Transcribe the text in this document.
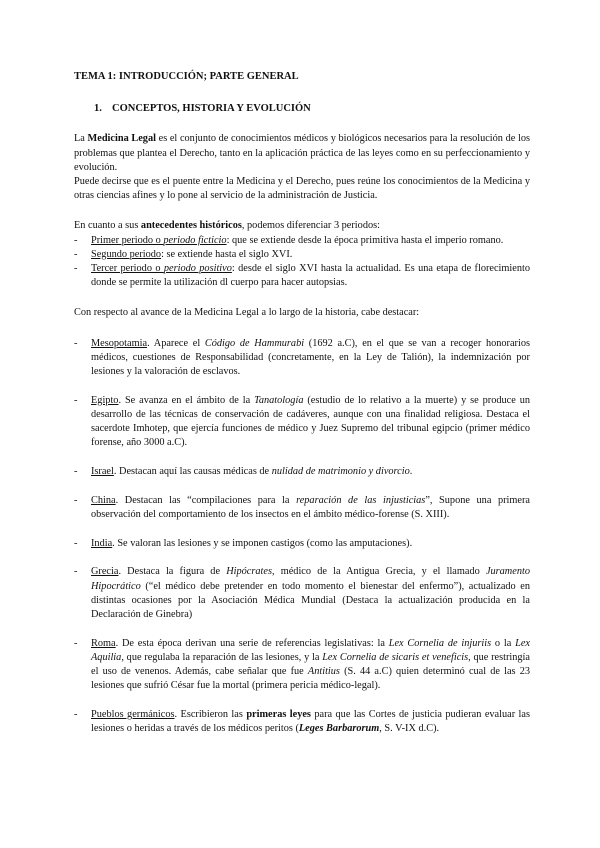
TEMA 1: INTRODUCCIÓN; PARTE GENERAL
1. CONCEPTOS, HISTORIA Y EVOLUCIÓN

La Medicina Legal es el conjunto de conocimientos médicos y biológicos necesarios para la resolución de los problemas que plantea el Derecho, tanto en la aplicación práctica de las leyes como en su perfeccionamiento y evolución.

Puede decirse que es el puente entre la Medicina y el Derecho, pues reúne los conocimientos de la Medicina y otras ciencias afines y lo pone al servicio de la administración de Justicia.

En cuanto a sus antecedentes históricos, podemos diferenciar 3 periodos:

- Primer periodo o periodo ficticio: que se extiende desde la época primitiva hasta el imperio romano.
- Segundo periodo: se extiende hasta el siglo XVI.
- Tercer periodo o periodo positivo: desde el siglo XVI hasta la actualidad. Es una etapa de florecimiento donde se permite la utilización dl cuerpo para hacer autopsias.

Con respecto al avance de la Medicina Legal a lo largo de la historia, cabe destacar:

- Mesopotamia. Aparece el Código de Hammurabi (1692 a.C), en el que se van a recoger honorarios médicos, cuestiones de Responsabilidad (concretamente, en la Ley de Talión), la indemnización por lesiones y la valoración de esclavos.
- Egipto. Se avanza en el ámbito de la Tanatología (estudio de lo relativo a la muerte) y se produce un desarrollo de las técnicas de conservación de cadáveres, aunque con una finalidad religiosa. Destaca el sacerdote Imhotep, que ejercía funciones de médico y Juez Supremo del tribunal egipcio (primer médico forense, año 3000 a.C).
- Israel. Destacan aquí las causas médicas de nulidad de matrimonio y divorcio.
- China. Destacan las “compilaciones para la reparación de las injusticias”, Supone una primera observación del comportamiento de los insectos en el ámbito médico-forense (S. XIII).
- India. Se valoran las lesiones y se imponen castigos (como las amputaciones).
- Grecia. Destaca la figura de Hipócrates, médico de la Antigua Grecia, y el llamado Juramento Hipocrático (“el médico debe pretender en todo momento el bienestar del enfermo”), actualizado en distintas ocasiones por la Asociación Médica Mundial (Destaca la actualización producida en la Declaración de Ginebra)
- Roma. De esta época derivan una serie de referencias legislativas: la Lex Cornelia de injuriis o la Lex Aquilia, que regulaba la reparación de las lesiones, y la Lex Cornelia de sicaris et veneficis, que restringía el uso de venenos. Además, cabe señalar que fue Antitius (S. 44 a.C) quien determinó cual de las 23 lesiones que sufrió César fue la mortal (primera pericia médico-legal).
- Pueblos germánicos. Escribieron las primeras leyes para que las Cortes de justicia pudieran evaluar las lesiones o heridas a través de los médicos peritos (Leges Barbarorum, S. V-IX d.C).
